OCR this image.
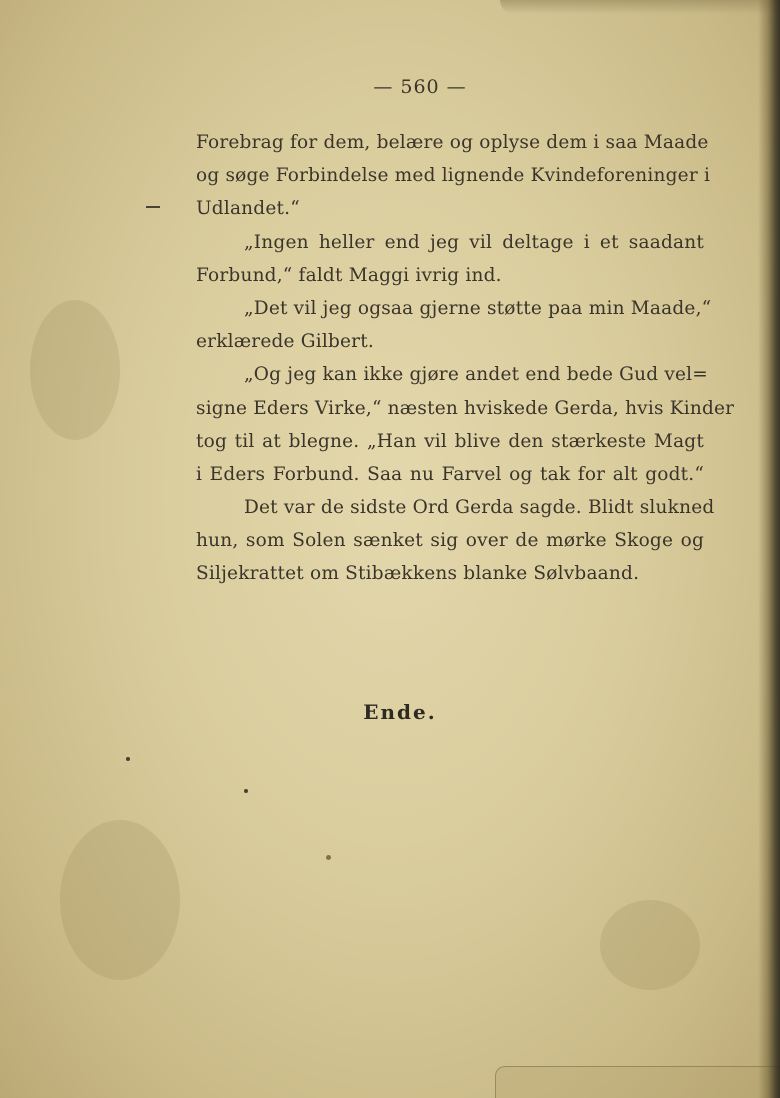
— 560 —
Forebrag for dem, belære og oplyse dem i saa Maade
og søge Forbindelse med lignende Kvindeforeninger i
Udlandet.“
„Ingen heller end jeg vil deltage i et saadant
Forbund,“ faldt Maggi ivrig ind.
„Det vil jeg ogsaa gjerne støtte paa min Maade,“
erklærede Gilbert.
„Og jeg kan ikke gjøre andet end bede Gud vel=
signe Eders Virke,“ næsten hviskede Gerda, hvis Kinder
tog til at blegne. „Han vil blive den stærkeste Magt
i Eders Forbund. Saa nu Farvel og tak for alt godt.“
Det var de sidste Ord Gerda sagde. Blidt slukned
hun, som Solen sænket sig over de mørke Skoge og
Siljekrattet om Stibækkens blanke Sølvbaand.
Ende.
